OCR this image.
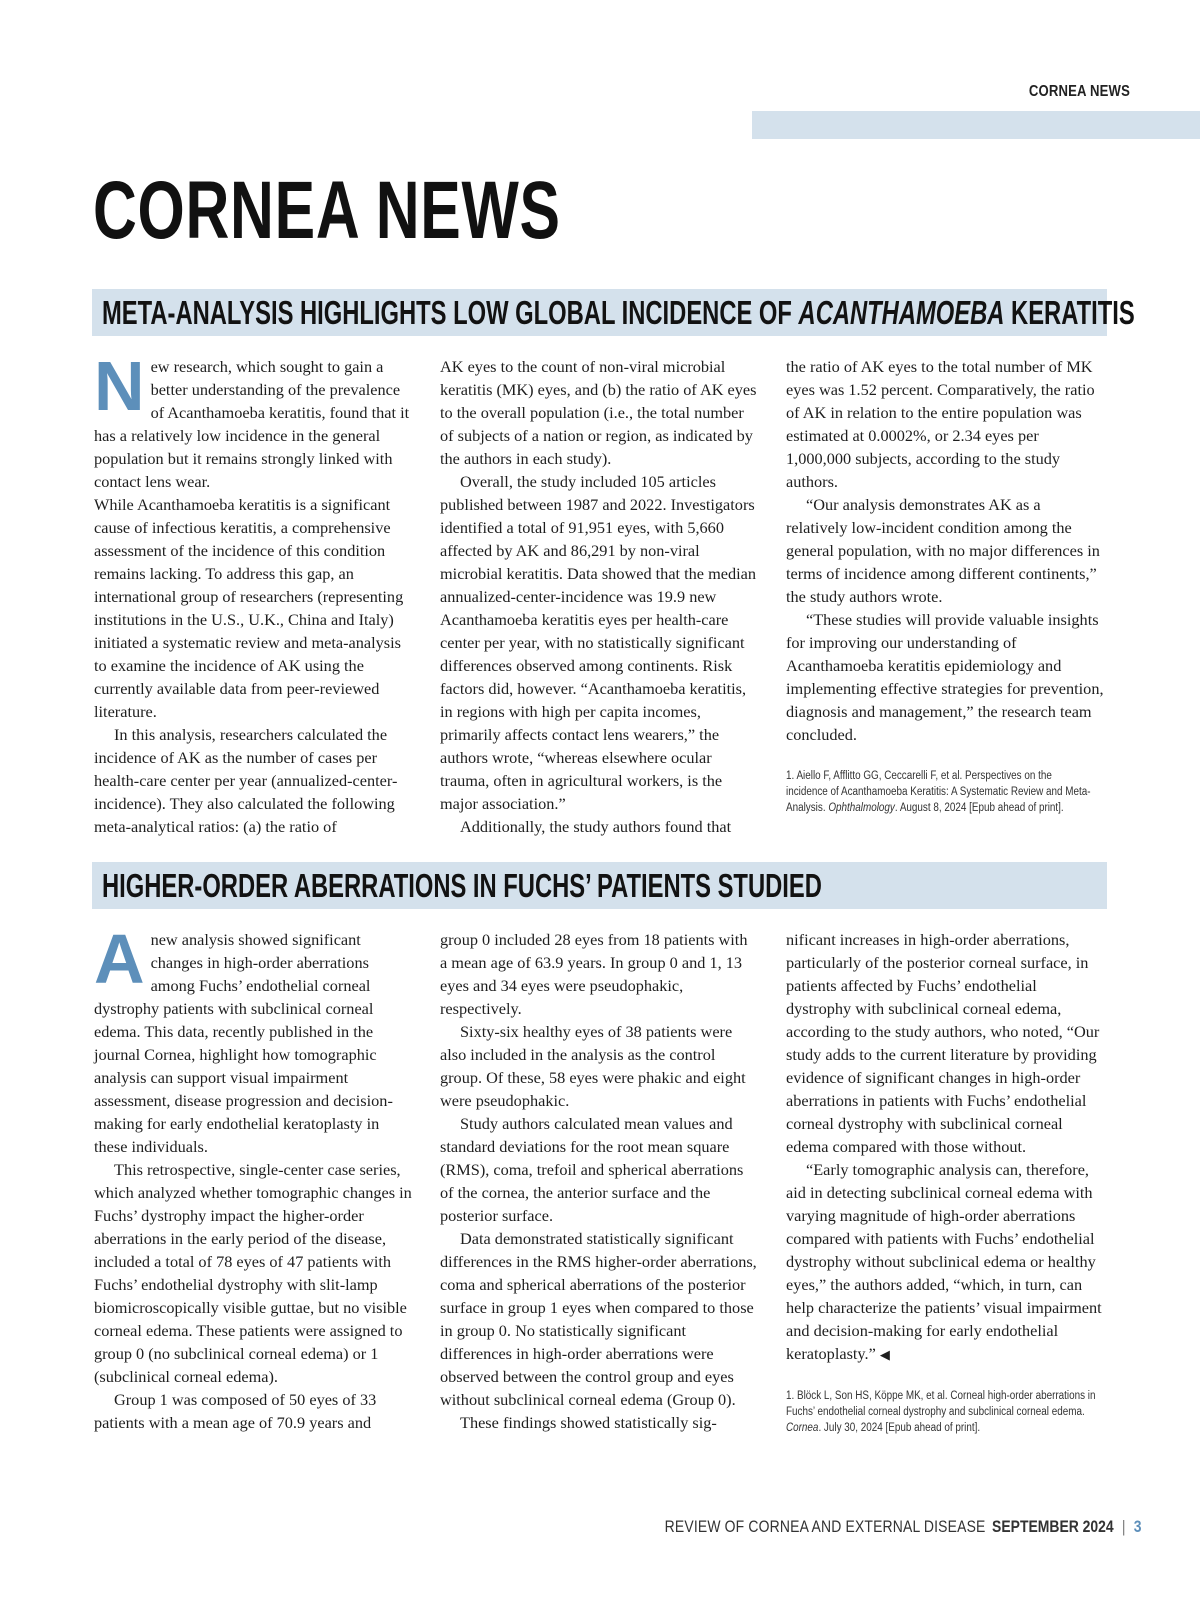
CORNEA NEWS
CORNEA NEWS
META-ANALYSIS HIGHLIGHTS LOW GLOBAL INCIDENCE OF ACANTHAMOEBA KERATITIS
N ew research, which sought to gain a better understanding of the prevalence of Acanthamoeba keratitis, found that it has a relatively low incidence in the general population but it remains strongly linked with contact lens wear.

While Acanthamoeba keratitis is a significant cause of infectious keratitis, a comprehensive assessment of the incidence of this condition remains lacking. To address this gap, an international group of researchers (representing institutions in the U.S., U.K., China and Italy) initiated a systematic review and meta-analysis to examine the incidence of AK using the currently available data from peer-reviewed literature.

In this analysis, researchers calculated the incidence of AK as the number of cases per health-care center per year (annualized-center-incidence). They also calculated the following meta-analytical ratios: (a) the ratio of

AK eyes to the count of non-viral microbial keratitis (MK) eyes, and (b) the ratio of AK eyes to the overall population (i.e., the total number of subjects of a nation or region, as indicated by the authors in each study).

Overall, the study included 105 articles published between 1987 and 2022. Investigators identified a total of 91,951 eyes, with 5,660 affected by AK and 86,291 by non-viral microbial keratitis. Data showed that the median annualized-center-incidence was 19.9 new Acanthamoeba keratitis eyes per health-care center per year, with no statistically significant differences observed among continents. Risk factors did, however. “Acanthamoeba keratitis, in regions with high per capita incomes, primarily affects contact lens wearers,” the authors wrote, “whereas elsewhere ocular trauma, often in agricultural workers, is the major association.”

Additionally, the study authors found that

the ratio of AK eyes to the total number of MK eyes was 1.52 percent. Comparatively, the ratio of AK in relation to the entire population was estimated at 0.0002%, or 2.34 eyes per 1,000,000 subjects, according to the study authors.

“Our analysis demonstrates AK as a relatively low-incident condition among the general population, with no major differences in terms of incidence among different continents,” the study authors wrote.

“These studies will provide valuable insights for improving our understanding of Acanthamoeba keratitis epidemiology and implementing effective strategies for prevention, diagnosis and management,” the research team concluded.

1. Aiello F, Afflitto GG, Ceccarelli F, et al. Perspectives on the incidence of Acanthamoeba Keratitis: A Systematic Review and Meta-Analysis. Ophthalmology. August 8, 2024 [Epub ahead of print].
HIGHER-ORDER ABERRATIONS IN FUCHS’ PATIENTS STUDIED
A new analysis showed significant changes in high-order aberrations among Fuchs’ endothelial corneal dystrophy patients with subclinical corneal edema. This data, recently published in the journal Cornea, highlight how tomographic analysis can support visual impairment assessment, disease progression and decision-making for early endothelial keratoplasty in these individuals.

This retrospective, single-center case series, which analyzed whether tomographic changes in Fuchs’ dystrophy impact the higher-order aberrations in the early period of the disease, included a total of 78 eyes of 47 patients with Fuchs’ endothelial dystrophy with slit-lamp biomicroscopically visible guttae, but no visible corneal edema. These patients were assigned to group 0 (no subclinical corneal edema) or 1 (subclinical corneal edema).

Group 1 was composed of 50 eyes of 33 patients with a mean age of 70.9 years and

group 0 included 28 eyes from 18 patients with a mean age of 63.9 years. In group 0 and 1, 13 eyes and 34 eyes were pseudophakic, respectively.

Sixty-six healthy eyes of 38 patients were also included in the analysis as the control group. Of these, 58 eyes were phakic and eight were pseudophakic.

Study authors calculated mean values and standard deviations for the root mean square (RMS), coma, trefoil and spherical aberrations of the cornea, the anterior surface and the posterior surface.

Data demonstrated statistically significant differences in the RMS higher-order aberrations, coma and spherical aberrations of the posterior surface in group 1 eyes when compared to those in group 0. No statistically significant differences in high-order aberrations were observed between the control group and eyes without subclinical corneal edema (Group 0).

These findings showed statistically sig-

nificant increases in high-order aberrations, particularly of the posterior corneal surface, in patients affected by Fuchs’ endothelial dystrophy with subclinical corneal edema, according to the study authors, who noted, “Our study adds to the current literature by providing evidence of significant changes in high-order aberrations in patients with Fuchs’ endothelial corneal dystrophy with subclinical corneal edema compared with those without.

“Early tomographic analysis can, therefore, aid in detecting subclinical corneal edema with varying magnitude of high-order aberrations compared with patients with Fuchs’ endothelial dystrophy without subclinical edema or healthy eyes,” the authors added, “which, in turn, can help characterize the patients’ visual impairment and decision-making for early endothelial keratoplasty.” ◀

1. Blöck L, Son HS, Köppe MK, et al. Corneal high-order aberrations in Fuchs’ endothelial corneal dystrophy and subclinical corneal edema. Cornea. July 30, 2024 [Epub ahead of print].
REVIEW OF CORNEA AND EXTERNAL DISEASE SEPTEMBER 2024 | 3
